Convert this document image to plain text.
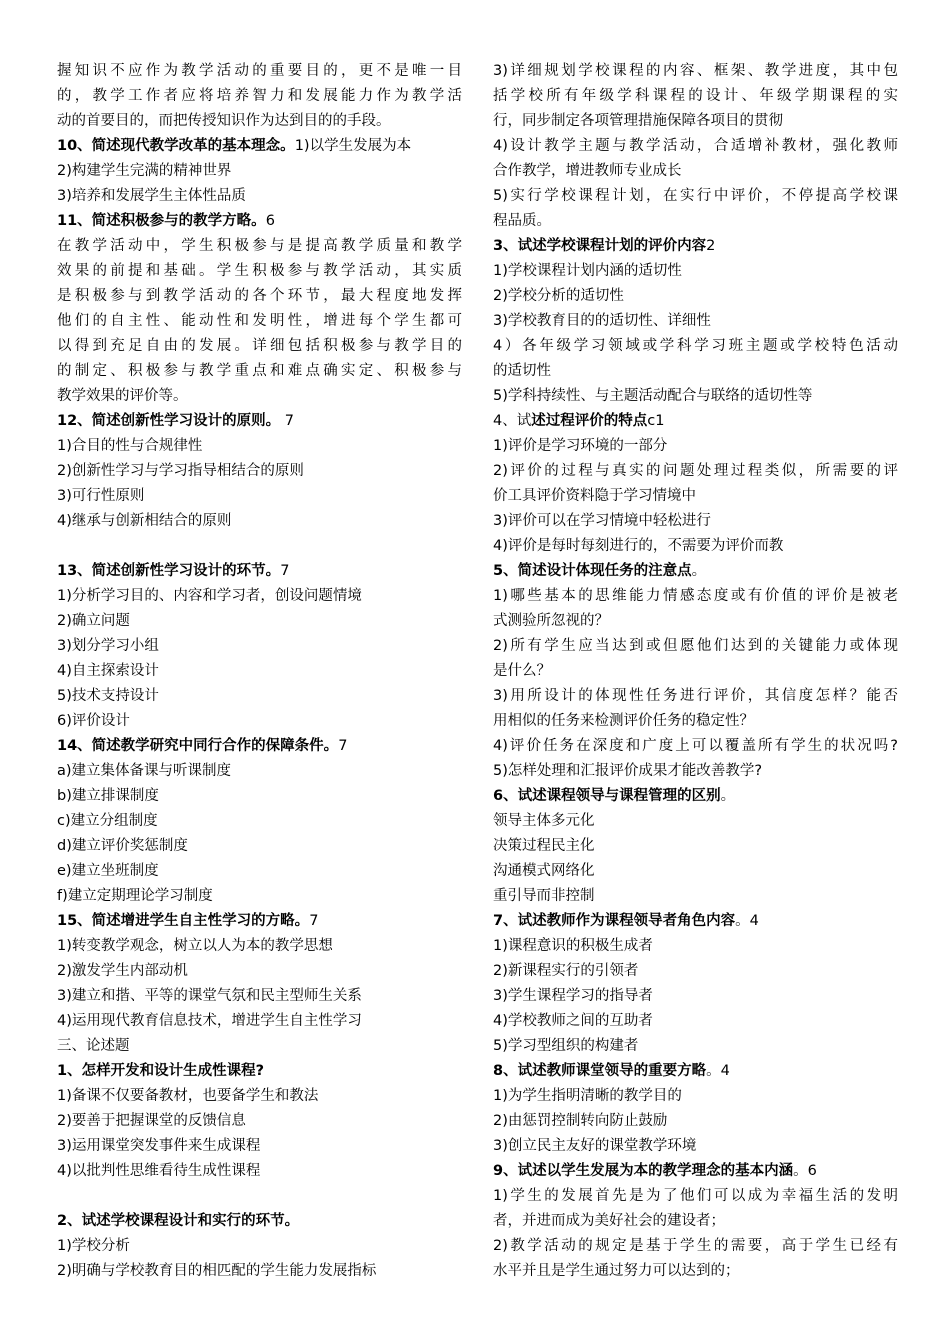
握知识不应作为教学活动的重要目的，更不是唯一目
的，教学工作者应将培养智力和发展能力作为教学活
动的首要目的，而把传授知识作为达到目的的手段。
10、简述现代教学改革的基本理念。1)以学生发展为本
2)构建学生完满的精神世界
3)培养和发展学生主体性品质
11、简述积极参与的教学方略。6
在教学活动中，学生积极参与是提高教学质量和教学
效果的前提和基础。学生积极参与教学活动，其实质
是积极参与到教学活动的各个环节，最大程度地发挥
他们的自主性、能动性和发明性，增进每个学生都可
以得到充足自由的发展。详细包括积极参与教学目的
的制定、积极参与教学重点和难点确实定、积极参与
教学效果的评价等。
12、简述创新性学习设计的原则。 7
1)合目的性与合规律性
2)创新性学习与学习指导相结合的原则
3)可行性原则
4)继承与创新相结合的原则
13、简述创新性学习设计的环节。7
1)分析学习目的、内容和学习者，创设问题情境
2)确立问题
3)划分学习小组
4)自主探索设计
5)技术支持设计
6)评价设计
14、简述教学研究中同行合作的保障条件。7
a)建立集体备课与听课制度
b)建立排课制度
c)建立分组制度
d)建立评价奖惩制度
e)建立坐班制度
f)建立定期理论学习制度
15、简述增进学生自主性学习的方略。7
1)转变教学观念，树立以人为本的教学思想
2)激发学生内部动机
3)建立和揩、平等的课堂气氛和民主型师生关系
4)运用现代教育信息技术，增进学生自主性学习
三、论述题
1、怎样开发和设计生成性课程?
1)备课不仅要备教材，也要备学生和教法
2)要善于把握课堂的反馈信息
3)运用课堂突发事件来生成课程
4)以批判性思维看待生成性课程
2、试述学校课程设计和实行的环节。
1)学校分析
2)明确与学校教育目的相匹配的学生能力发展指标
3)详细规划学校课程的内容、框架、教学进度，其中包
括学校所有年级学科课程的设计、年级学期课程的实
行，同步制定各项管理措施保障各项目的贯彻
4)设计教学主题与教学活动，合适增补教材，强化教师
合作教学，增进教师专业成长
5)实行学校课程计划，在实行中评价，不停提高学校课
程品质。
3、试述学校课程计划的评价内容2
1)学校课程计划内涵的适切性
2)学校分析的适切性
3)学校教育目的的适切性、详细性
4）各年级学习领域或学科学习班主题或学校特色活动
的适切性
5)学科持续性、与主题活动配合与联络的适切性等
4、试述过程评价的特点c1
1)评价是学习环境的一部分
2)评价的过程与真实的问题处理过程类似，所需要的评
价工具评价资料隐于学习情境中
3)评价可以在学习情境中轻松进行
4)评价是每时每刻进行的，不需要为评价而教
5、简述设计体现任务的注意点。
1)哪些基本的思维能力情感态度或有价值的评价是被老
式测验所忽视的？
2)所有学生应当达到或但愿他们达到的关键能力或体现
是什么？
3)用所设计的体现性任务进行评价，其信度怎样？能否
用相似的任务来检测评价任务的稳定性？
4)评价任务在深度和广度上可以覆盖所有学生的状况吗?
5)怎样处理和汇报评价成果才能改善教学?
6、试述课程领导与课程管理的区别。
领导主体多元化
决策过程民主化
沟通模式网络化
重引导而非控制
7、试述教师作为课程领导者角色内容。4
1)课程意识的积极生成者
2)新课程实行的引领者
3)学生课程学习的指导者
4)学校教师之间的互助者
5)学习型组织的构建者
8、试述教师课堂领导的重要方略。4
1)为学生指明清晰的教学目的
2)由惩罚控制转向防止鼓励
3)创立民主友好的课堂教学环境
9、试述以学生发展为本的教学理念的基本内涵。6
1)学生的发展首先是为了他们可以成为幸福生活的发明
者，并进而成为美好社会的建设者；
2)教学活动的规定是基于学生的需要，高于学生已经有
水平并且是学生通过努力可以达到的；
